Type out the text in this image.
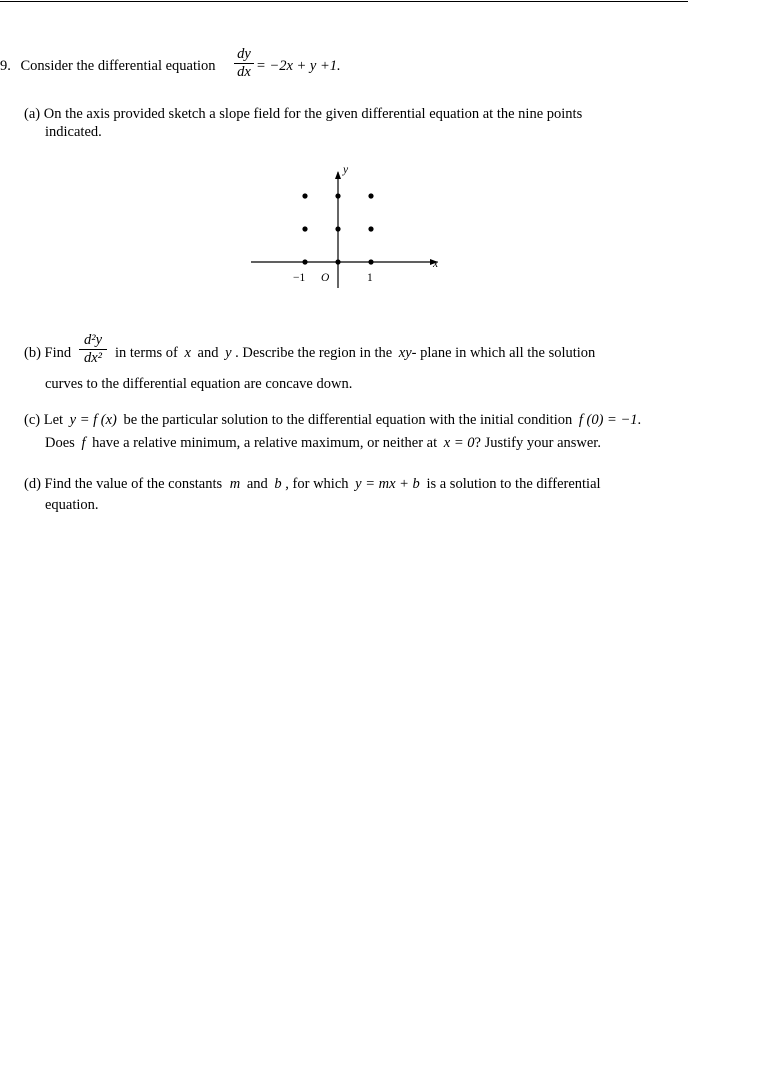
9. Consider the differential equation
dy
dx = −2x + y +1.
(a) On the axis provided sketch a slope field for the given differential equation at the nine points
indicated.
x
y
−1 O	1
(b) Find
d²y
dx² in terms of x and y . Describe the region in the xy- plane in which all the solution
curves to the differential equation are concave down.
(c) Let y = f (x) be the particular solution to the differential equation with the initial condition f (0) = −1.
Does f have a relative minimum, a relative maximum, or neither at x = 0? Justify your answer.
(d) Find the value of the constants m and b , for which y = mx + b is a solution to the differential
equation.
